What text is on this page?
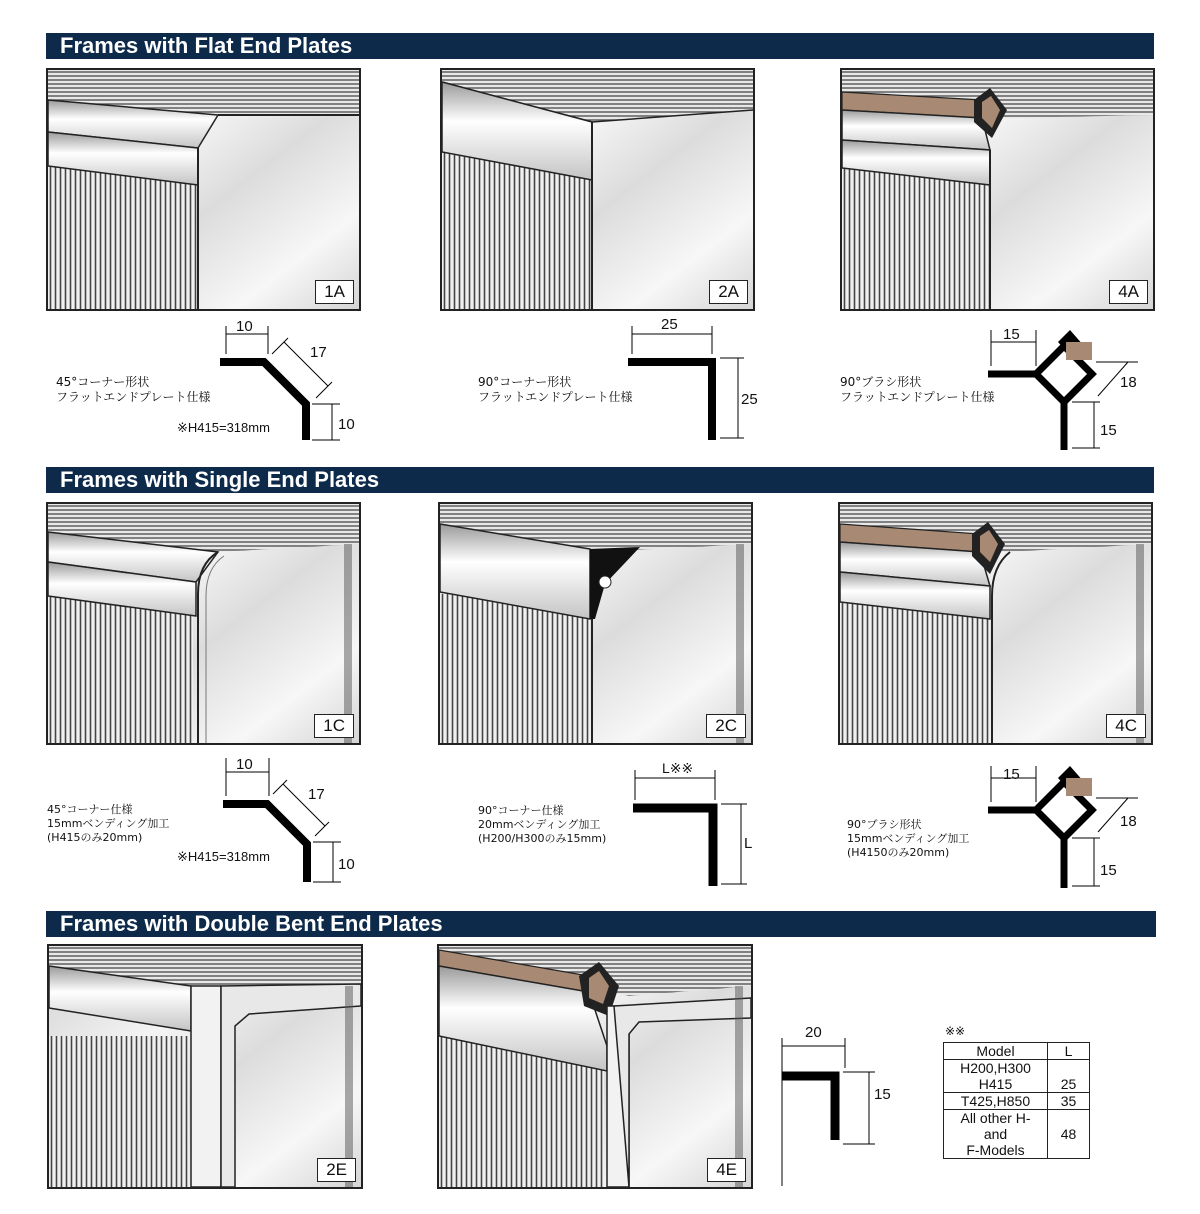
Frames with Flat End Plates
Frames with Single End Plates
Frames with Double Bent End Plates
1A	2A	4A
45°コーナー形状
フラットエンドプレート仕様
※H415=318mm
10
17
10
90°コーナー形状
フラットエンドプレート仕様
25
25
90°ブラシ形状
フラットエンドプレート仕様
15
18
15
1C	2C	4C
45°コーナー仕様
15mmベンディング加工
(H415のみ20mm)
※H415=318mm
10
17
10
90°コーナー仕様
20mmベンディング加工
(H200/H300のみ15mm)
L※※
L
90°ブラシ形状
15mmベンディング加工
(H4150のみ20mm)
15
18
15
2E	4E
20
15
※※
Model	L

H200,H300
H415	25

T425,H850	35

All other H-
and
F-Models	48
